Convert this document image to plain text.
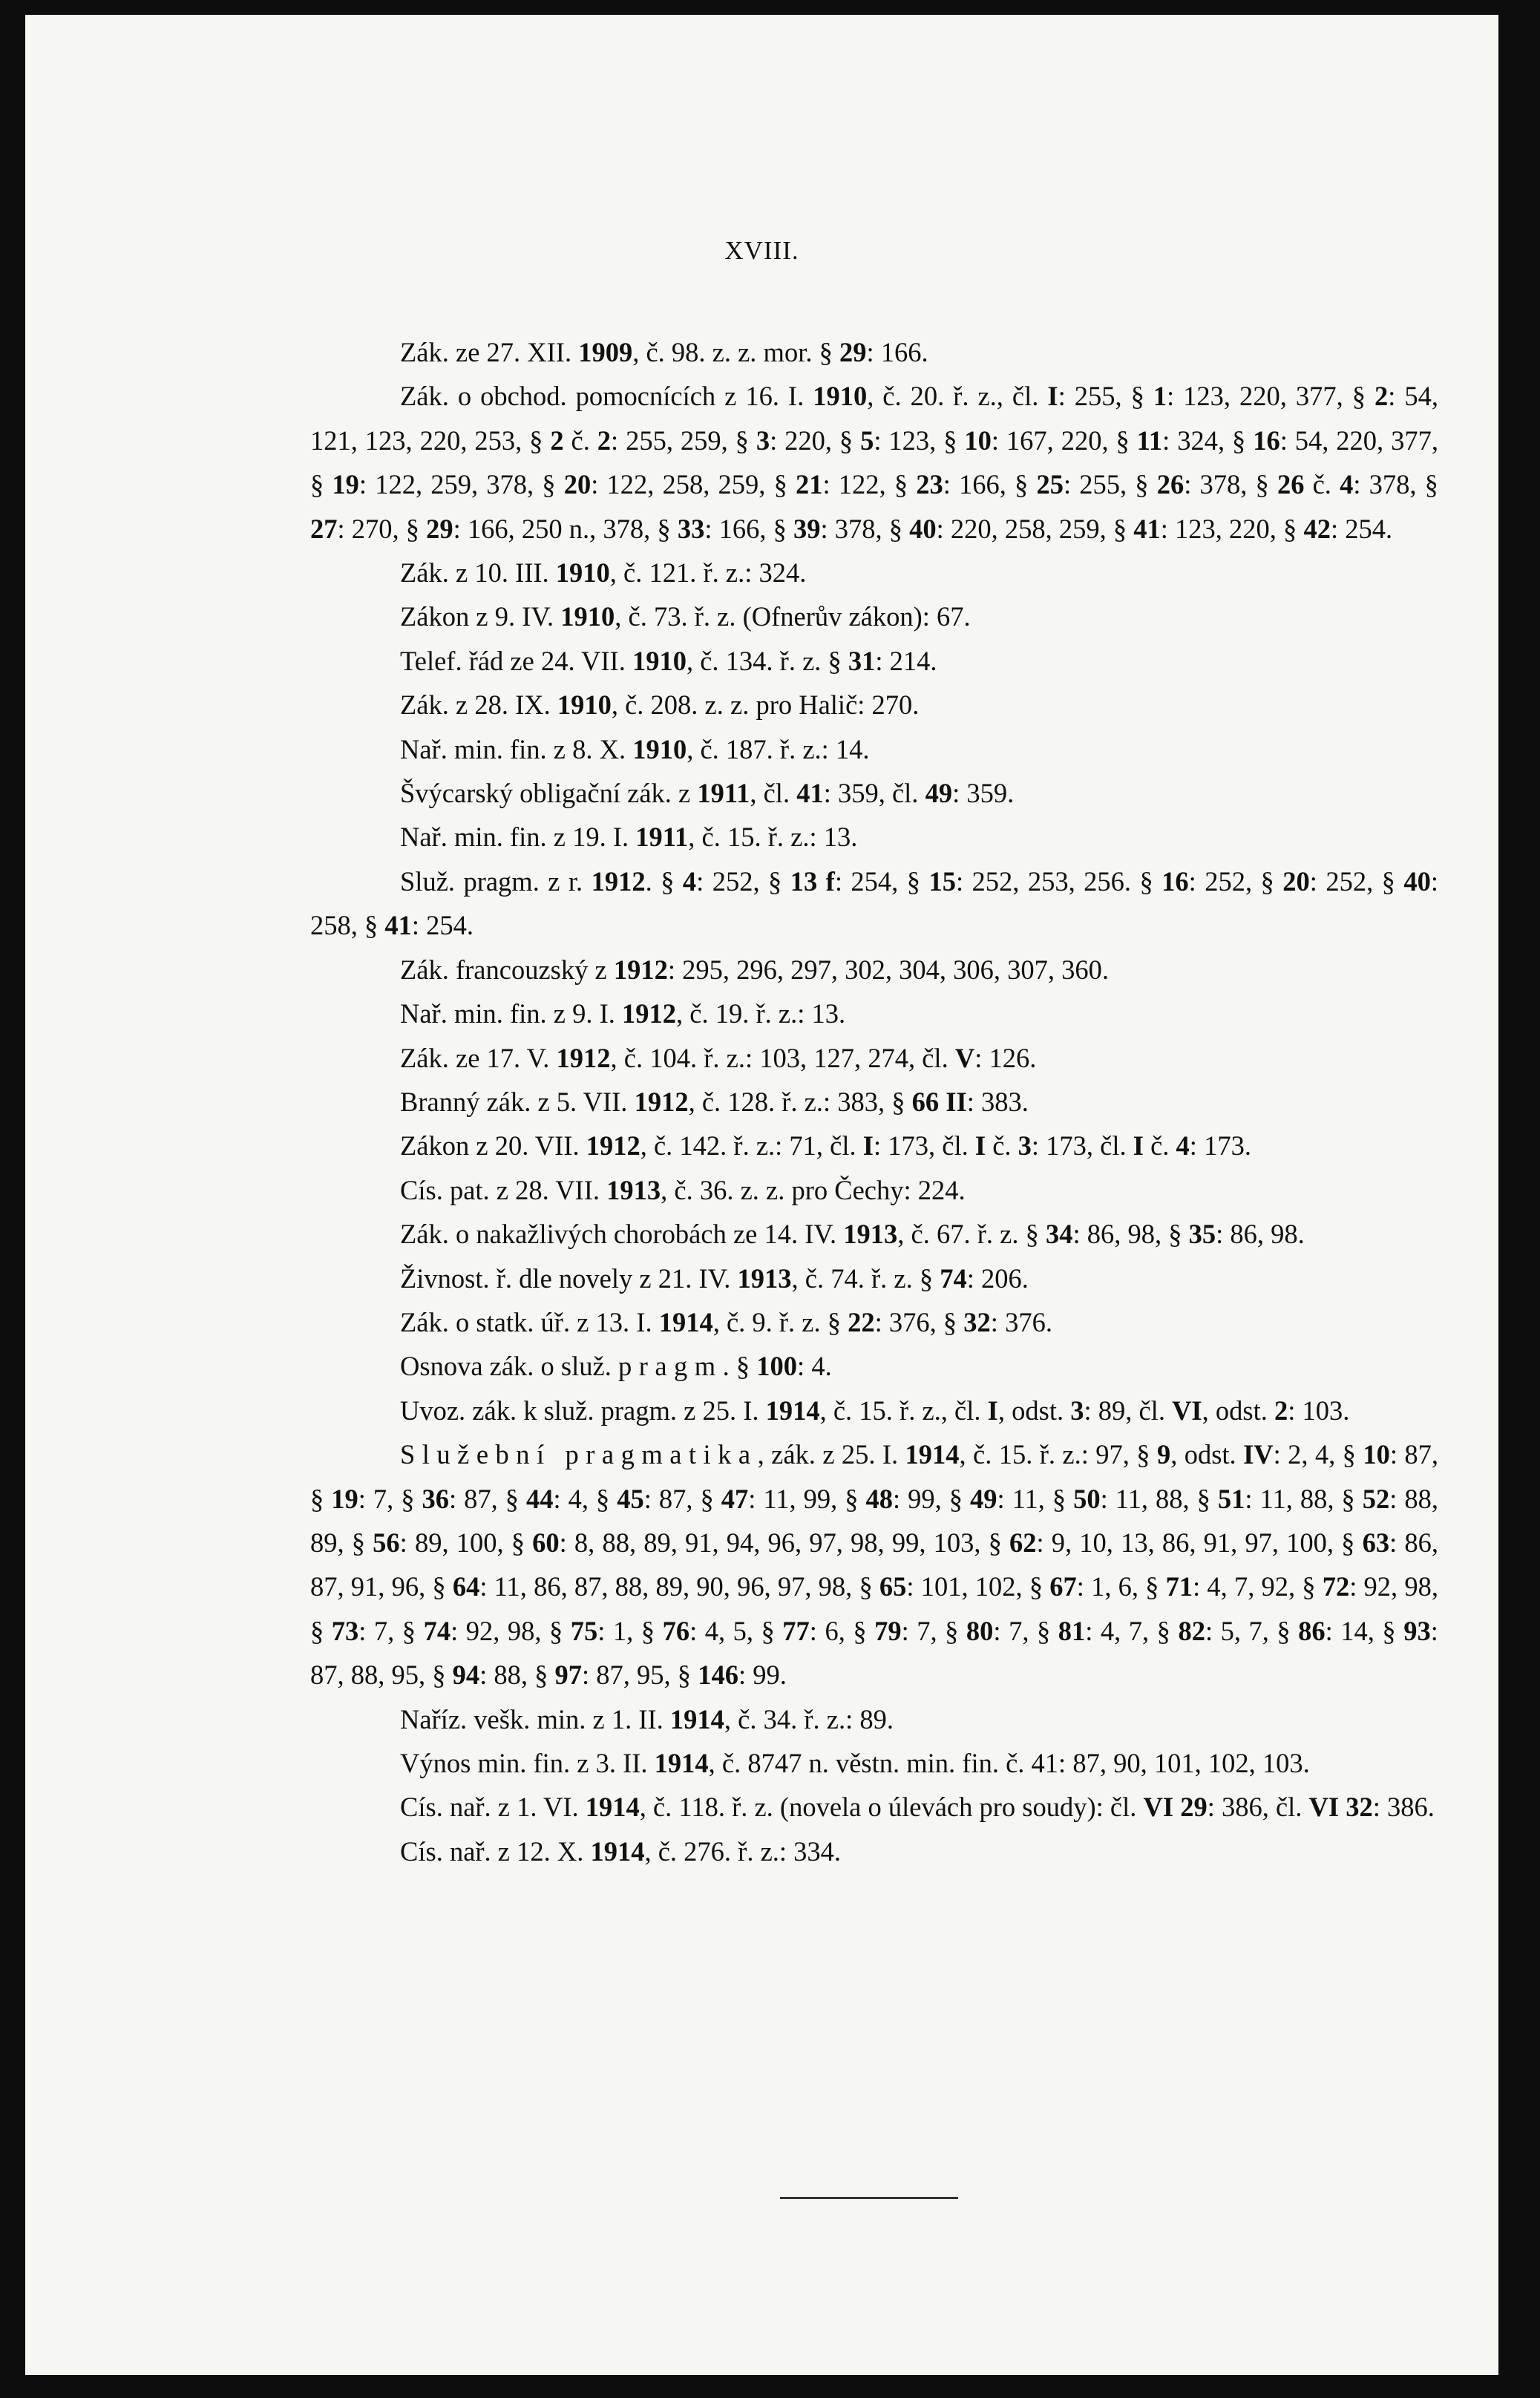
XVIII.

Zák. ze 27. XII. 1909, č. 98. z. z. mor. § 29: 166.

Zák. o obchod. pomocnících z 16. I. 1910, č. 20. ř. z., čl. I: 255, § 1: 123, 220, 377, § 2: 54, 121, 123, 220, 253, § 2 č. 2: 255, 259, § 3: 220, § 5: 123, § 10: 167, 220, § 11: 324, § 16: 54, 220, 377, § 19: 122, 259, 378, § 20: 122, 258, 259, § 21: 122, § 23: 166, § 25: 255, § 26: 378, § 26 č. 4: 378, § 27: 270, § 29: 166, 250 n., 378, § 33: 166, § 39: 378, § 40: 220, 258, 259, § 41: 123, 220, § 42: 254.

Zák. z 10. III. 1910, č. 121. ř. z.: 324.

Zákon z 9. IV. 1910, č. 73. ř. z. (Ofnerův zákon): 67.

Telef. řád ze 24. VII. 1910, č. 134. ř. z. § 31: 214.

Zák. z 28. IX. 1910, č. 208. z. z. pro Halič: 270.

Nař. min. fin. z 8. X. 1910, č. 187. ř. z.: 14.

Švýcarský obligační zák. z 1911, čl. 41: 359, čl. 49: 359.

Nař. min. fin. z 19. I. 1911, č. 15. ř. z.: 13.

Služ. pragm. z r. 1912. § 4: 252, § 13 f: 254, § 15: 252, 253, 256. § 16: 252, § 20: 252, § 40: 258, § 41: 254.

Zák. francouzský z 1912: 295, 296, 297, 302, 304, 306, 307, 360.

Nař. min. fin. z 9. I. 1912, č. 19. ř. z.: 13.

Zák. ze 17. V. 1912, č. 104. ř. z.: 103, 127, 274, čl. V: 126.

Branný zák. z 5. VII. 1912, č. 128. ř. z.: 383, § 66 II: 383.

Zákon z 20. VII. 1912, č. 142. ř. z.: 71, čl. I: 173, čl. I č. 3: 173, čl. I č. 4: 173.

Cís. pat. z 28. VII. 1913, č. 36. z. z. pro Čechy: 224.

Zák. o nakažlivých chorobách ze 14. IV. 1913, č. 67. ř. z. § 34: 86, 98, § 35: 86, 98.

Živnost. ř. dle novely z 21. IV. 1913, č. 74. ř. z. § 74: 206.

Zák. o statk. úř. z 13. I. 1914, č. 9. ř. z. § 22: 376, § 32: 376.

Osnova zák. o služ. pragm. § 100: 4.

Uvoz. zák. k služ. pragm. z 25. I. 1914, č. 15. ř. z., čl. I, odst. 3: 89, čl. VI, odst. 2: 103.

Služební pragmatika, zák. z 25. I. 1914, č. 15. ř. z.: 97, § 9, odst. IV: 2, 4, § 10: 87, § 19: 7, § 36: 87, § 44: 4, § 45: 87, § 47: 11, 99, § 48: 99, § 49: 11, § 50: 11, 88, § 51: 11, 88, § 52: 88, 89, § 56: 89, 100, § 60: 8, 88, 89, 91, 94, 96, 97, 98, 99, 103, § 62: 9, 10, 13, 86, 91, 97, 100, § 63: 86, 87, 91, 96, § 64: 11, 86, 87, 88, 89, 90, 96, 97, 98, § 65: 101, 102, § 67: 1, 6, § 71: 4, 7, 92, § 72: 92, 98, § 73: 7, § 74: 92, 98, § 75: 1, § 76: 4, 5, § 77: 6, § 79: 7, § 80: 7, § 81: 4, 7, § 82: 5, 7, § 86: 14, § 93: 87, 88, 95, § 94: 88, § 97: 87, 95, § 146: 99.

Naříz. vešk. min. z 1. II. 1914, č. 34. ř. z.: 89.

Výnos min. fin. z 3. II. 1914, č. 8747 n. věstn. min. fin. č. 41: 87, 90, 101, 102, 103.

Cís. nař. z 1. VI. 1914, č. 118. ř. z. (novela o úlevách pro soudy): čl. VI 29: 386, čl. VI 32: 386.

Cís. nař. z 12. X. 1914, č. 276. ř. z.: 334.
